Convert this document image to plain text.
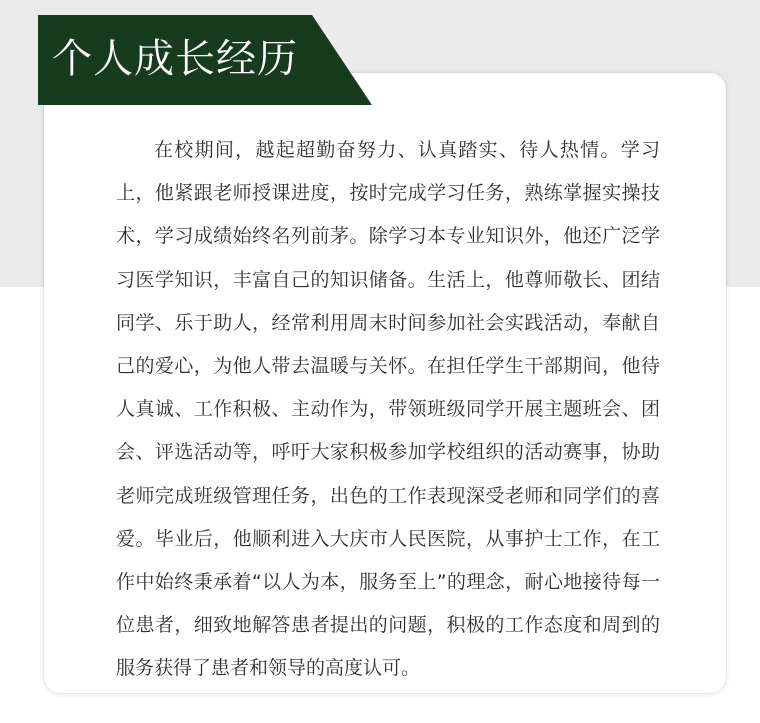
个人成长经历

在校期间，越起超勤奋努力、认真踏实、待人热情。学习上，他紧跟老师授课进度，按时完成学习任务，熟练掌握实操技术，学习成绩始终名列前茅。除学习本专业知识外，他还广泛学习医学知识，丰富自己的知识储备。生活上，他尊师敬长、团结同学、乐于助人，经常利用周末时间参加社会实践活动，奉献自己的爱心，为他人带去温暖与关怀。在担任学生干部期间，他待人真诚、工作积极、主动作为，带领班级同学开展主题班会、团会、评选活动等，呼吁大家积极参加学校组织的活动赛事，协助老师完成班级管理任务，出色的工作表现深受老师和同学们的喜爱。毕业后，他顺利进入大庆市人民医院，从事护士工作，在工作中始终秉承着“以人为本，服务至上”的理念，耐心地接待每一位患者，细致地解答患者提出的问题，积极的工作态度和周到的服务获得了患者和领导的高度认可。
